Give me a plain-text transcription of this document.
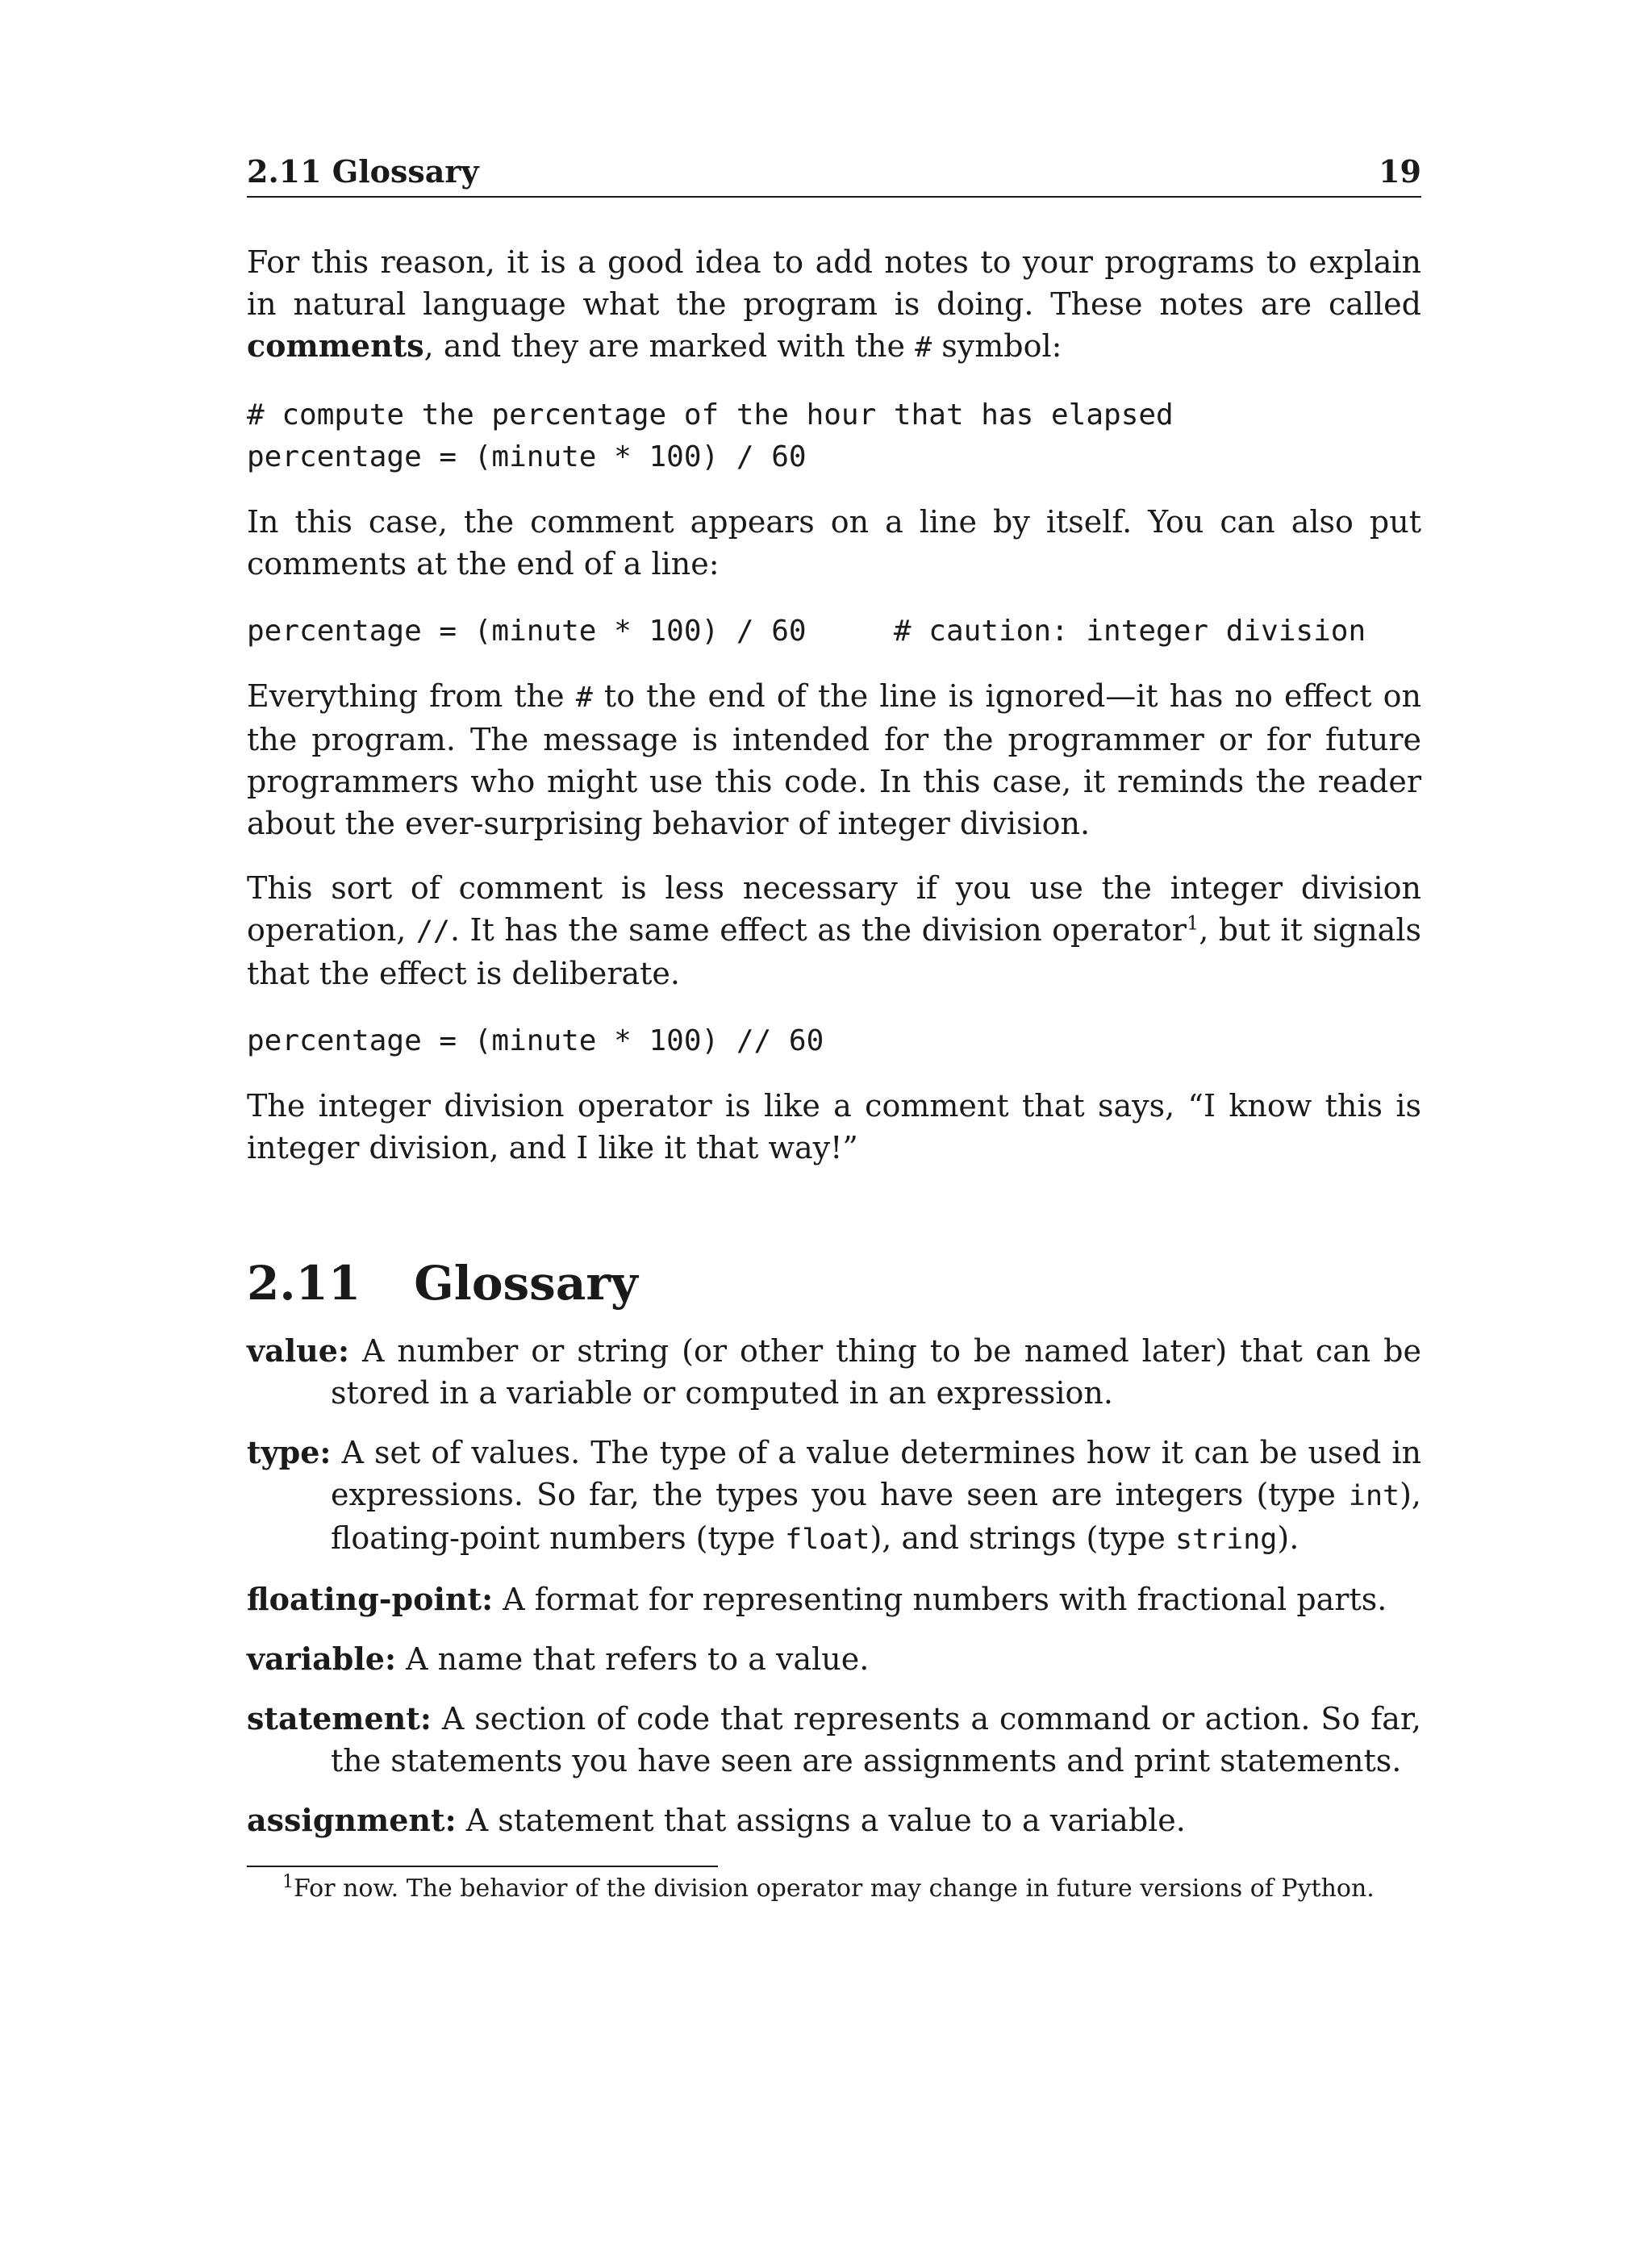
2.11 Glossary	19

For this reason, it is a good idea to add notes to your programs to explain in natural language what the program is doing. These notes are called comments, and they are marked with the # symbol:

# compute the percentage of the hour that has elapsed
percentage = (minute * 100) / 60

In this case, the comment appears on a line by itself. You can also put comments at the end of a line:

percentage = (minute * 100) / 60     # caution: integer division

Everything from the # to the end of the line is ignored—it has no effect on the program. The message is intended for the programmer or for future programmers who might use this code. In this case, it reminds the reader about the ever-surprising behavior of integer division.

This sort of comment is less necessary if you use the integer division operation, //. It has the same effect as the division operator$^1$, but it signals that the effect is deliberate.

percentage = (minute * 100) // 60

The integer division operator is like a comment that says, “I know this is integer division, and I like it that way!”

2.11 Glossary

value: A number or string (or other thing to be named later) that can be stored in a variable or computed in an expression.

type: A set of values. The type of a value determines how it can be used in expressions. So far, the types you have seen are integers (type int), floating-point numbers (type float), and strings (type string).

floating-point: A format for representing numbers with fractional parts.

variable: A name that refers to a value.

statement: A section of code that represents a command or action. So far, the statements you have seen are assignments and print statements.

assignment: A statement that assigns a value to a variable.

$^1$For now. The behavior of the division operator may change in future versions of Python.
